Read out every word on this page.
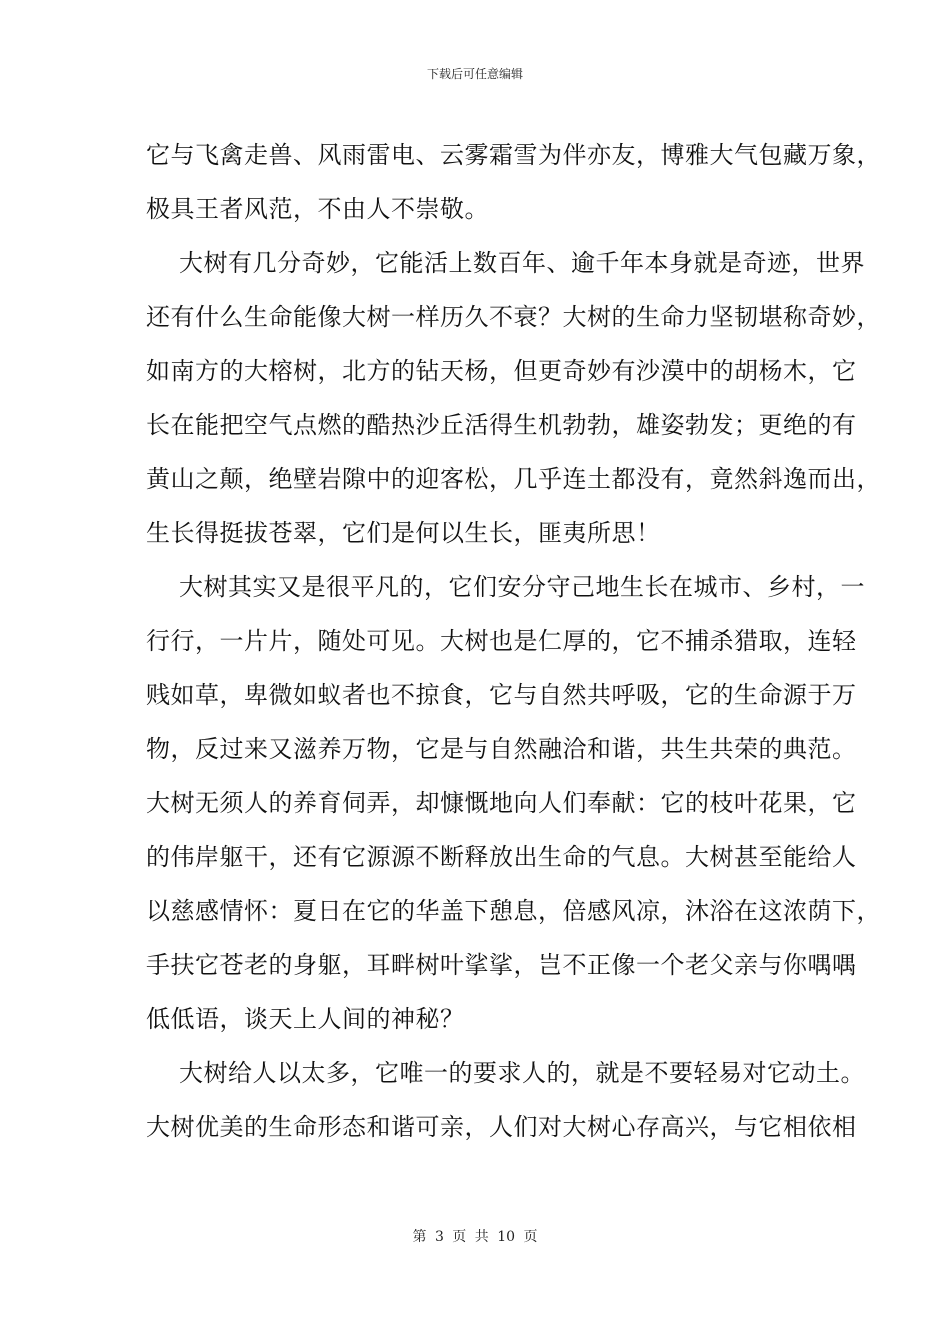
下载后可任意编辑
它与飞禽走兽、风雨雷电、云雾霜雪为伴亦友，博雅大气包藏万象，
极具王者风范，不由人不崇敬。
大树有几分奇妙，它能活上数百年、逾千年本身就是奇迹，世界
还有什么生命能像大树一样历久不衰？大树的生命力坚韧堪称奇妙，
如南方的大榕树，北方的钻天杨，但更奇妙有沙漠中的胡杨木，它
长在能把空气点燃的酷热沙丘活得生机勃勃，雄姿勃发；更绝的有
黄山之颠，绝壁岩隙中的迎客松，几乎连土都没有，竟然斜逸而出，
生长得挺拔苍翠，它们是何以生长，匪夷所思！
大树其实又是很平凡的，它们安分守己地生长在城市、乡村，一
行行，一片片，随处可见。大树也是仁厚的，它不捕杀猎取，连轻
贱如草，卑微如蚁者也不掠食，它与自然共呼吸，它的生命源于万
物，反过来又滋养万物，它是与自然融洽和谐，共生共荣的典范。
大树无须人的养育伺弄，却慷慨地向人们奉献：它的枝叶花果，它
的伟岸躯干，还有它源源不断释放出生命的气息。大树甚至能给人
以慈感情怀：夏日在它的华盖下憩息，倍感风凉，沐浴在这浓荫下，
手扶它苍老的身躯，耳畔树叶挲挲，岂不正像一个老父亲与你喁喁
低低语，谈天上人间的神秘？
大树给人以太多，它唯一的要求人的，就是不要轻易对它动土。
大树优美的生命形态和谐可亲，人们对大树心存高兴，与它相依相
第 3 页 共 10 页
